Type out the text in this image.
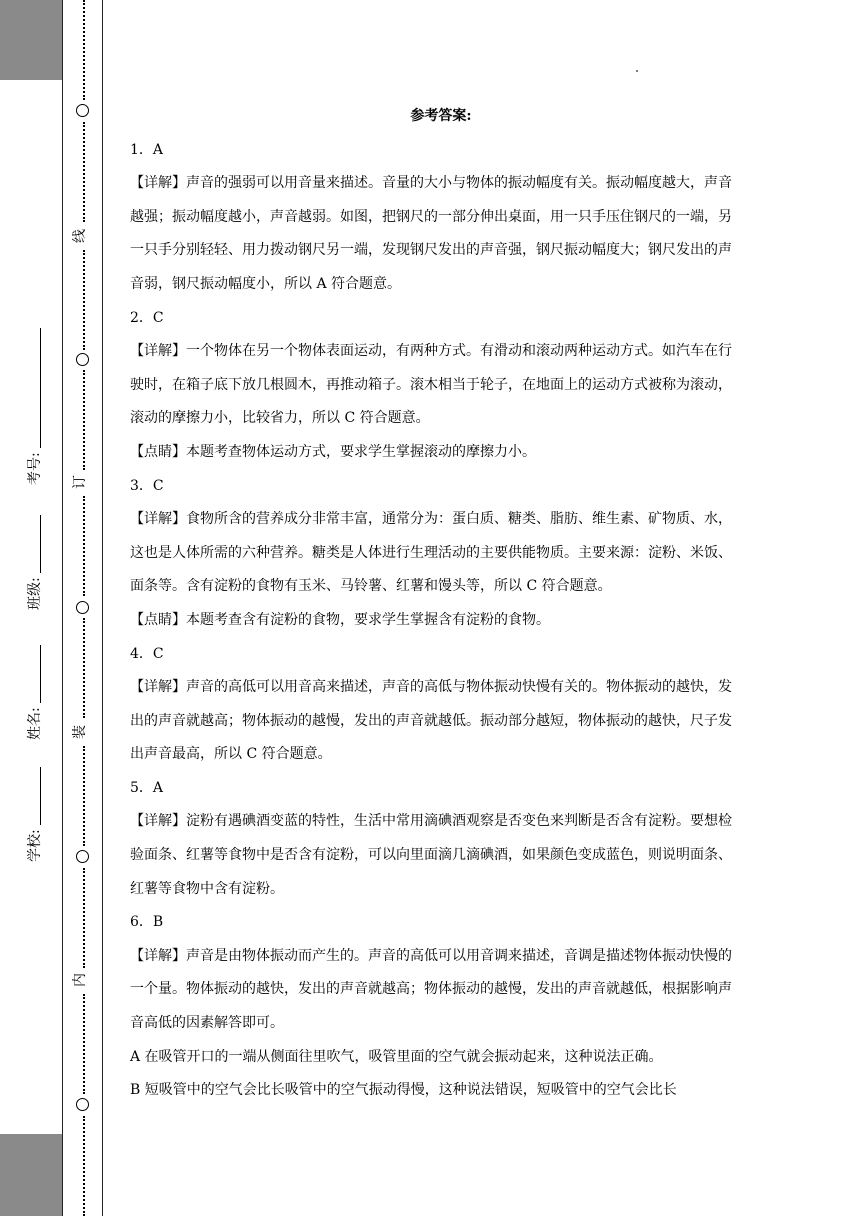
学校:
姓名:
班级:
考号:
线
订
装
内
参考答案:

1．A

【详解】声音的强弱可以用音量来描述。音量的大小与物体的振动幅度有关。振动幅度越大，声音越强；振动幅度越小，声音越弱。如图，把钢尺的一部分伸出桌面，用一只手压住钢尺的一端，另一只手分别轻轻、用力拨动钢尺另一端，发现钢尺发出的声音强，钢尺振动幅度大；钢尺发出的声音弱，钢尺振动幅度小，所以 A 符合题意。

2．C

【详解】一个物体在另一个物体表面运动，有两种方式。有滑动和滚动两种运动方式。如汽车在行驶时，在箱子底下放几根圆木，再推动箱子。滚木相当于轮子，在地面上的运动方式被称为滚动，滚动的摩擦力小，比较省力，所以 C 符合题意。

【点睛】本题考查物体运动方式，要求学生掌握滚动的摩擦力小。

3．C

【详解】食物所含的营养成分非常丰富，通常分为：蛋白质、糖类、脂肪、维生素、矿物质、水，这也是人体所需的六种营养。糖类是人体进行生理活动的主要供能物质。主要来源：淀粉、米饭、面条等。含有淀粉的食物有玉米、马铃薯、红薯和馒头等，所以 C 符合题意。

【点睛】本题考查含有淀粉的食物，要求学生掌握含有淀粉的食物。

4．C

【详解】声音的高低可以用音高来描述，声音的高低与物体振动快慢有关的。物体振动的越快，发出的声音就越高；物体振动的越慢，发出的声音就越低。振动部分越短，物体振动的越快，尺子发出声音最高，所以 C 符合题意。

5．A

【详解】淀粉有遇碘酒变蓝的特性，生活中常用滴碘酒观察是否变色来判断是否含有淀粉。要想检验面条、红薯等食物中是否含有淀粉，可以向里面滴几滴碘酒，如果颜色变成蓝色，则说明面条、红薯等食物中含有淀粉。

6．B

【详解】声音是由物体振动而产生的。声音的高低可以用音调来描述，音调是描述物体振动快慢的一个量。物体振动的越快，发出的声音就越高；物体振动的越慢，发出的声音就越低，根据影响声音高低的因素解答即可。

A 在吸管开口的一端从侧面往里吹气，吸管里面的空气就会振动起来，这种说法正确。

B 短吸管中的空气会比长吸管中的空气振动得慢，这种说法错误，短吸管中的空气会比长
